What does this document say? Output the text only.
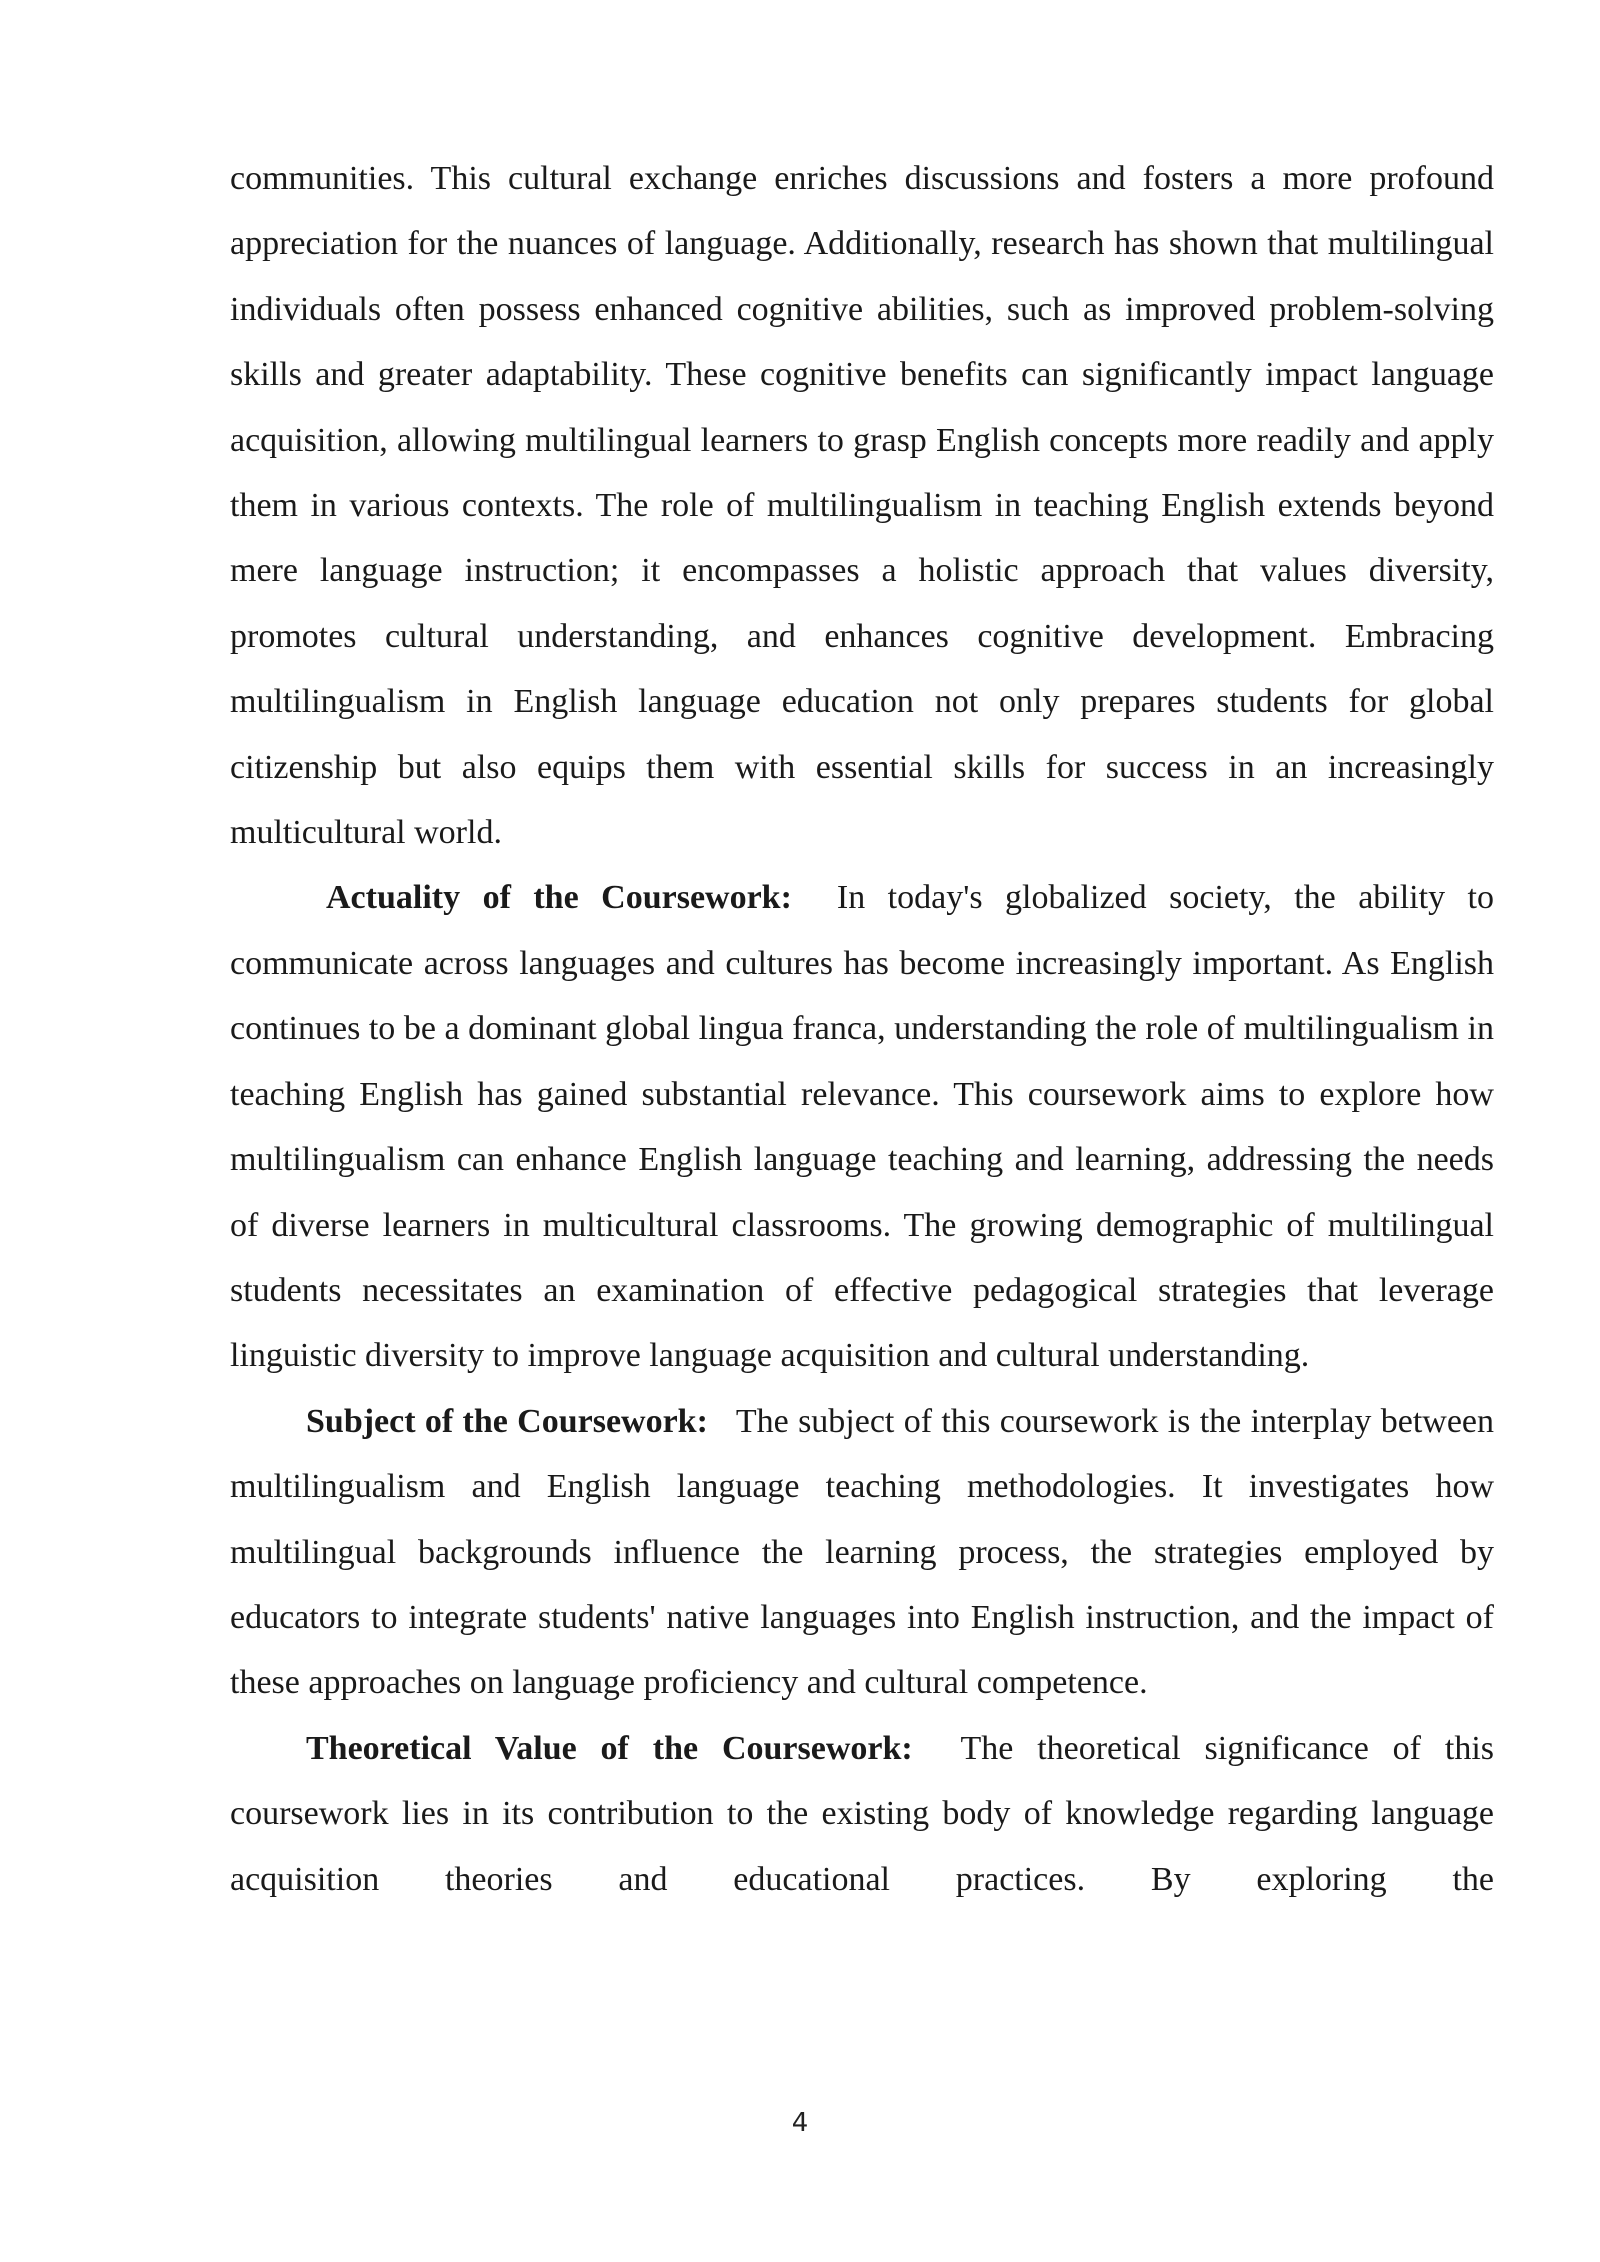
communities. This cultural exchange enriches discussions and fosters a more profound appreciation for the nuances of language. Additionally, research has shown that multilingual individuals often possess enhanced cognitive abilities, such as improved problem-solving skills and greater adaptability. These cognitive benefits can significantly impact language acquisition, allowing multilingual learners to grasp English concepts more readily and apply them in various contexts. The role of multilingualism in teaching English extends beyond mere language instruction; it encompasses a holistic approach that values diversity, promotes cultural understanding, and enhances cognitive development. Embracing multilingualism in English language education not only prepares students for global citizenship but also equips them with essential skills for success in an increasingly multicultural world.

Actuality of the Coursework: In today's globalized society, the ability to communicate across languages and cultures has become increasingly important. As English continues to be a dominant global lingua franca, understanding the role of multilingualism in teaching English has gained substantial relevance. This coursework aims to explore how multilingualism can enhance English language teaching and learning, addressing the needs of diverse learners in multicultural classrooms. The growing demographic of multilingual students necessitates an examination of effective pedagogical strategies that leverage linguistic diversity to improve language acquisition and cultural understanding.

Subject of the Coursework: The subject of this coursework is the interplay between multilingualism and English language teaching methodologies. It investigates how multilingual backgrounds influence the learning process, the strategies employed by educators to integrate students' native languages into English instruction, and the impact of these approaches on language proficiency and cultural competence.

Theoretical Value of the Coursework: The theoretical significance of this coursework lies in its contribution to the existing body of knowledge regarding language acquisition theories and educational practices. By exploring the

4
